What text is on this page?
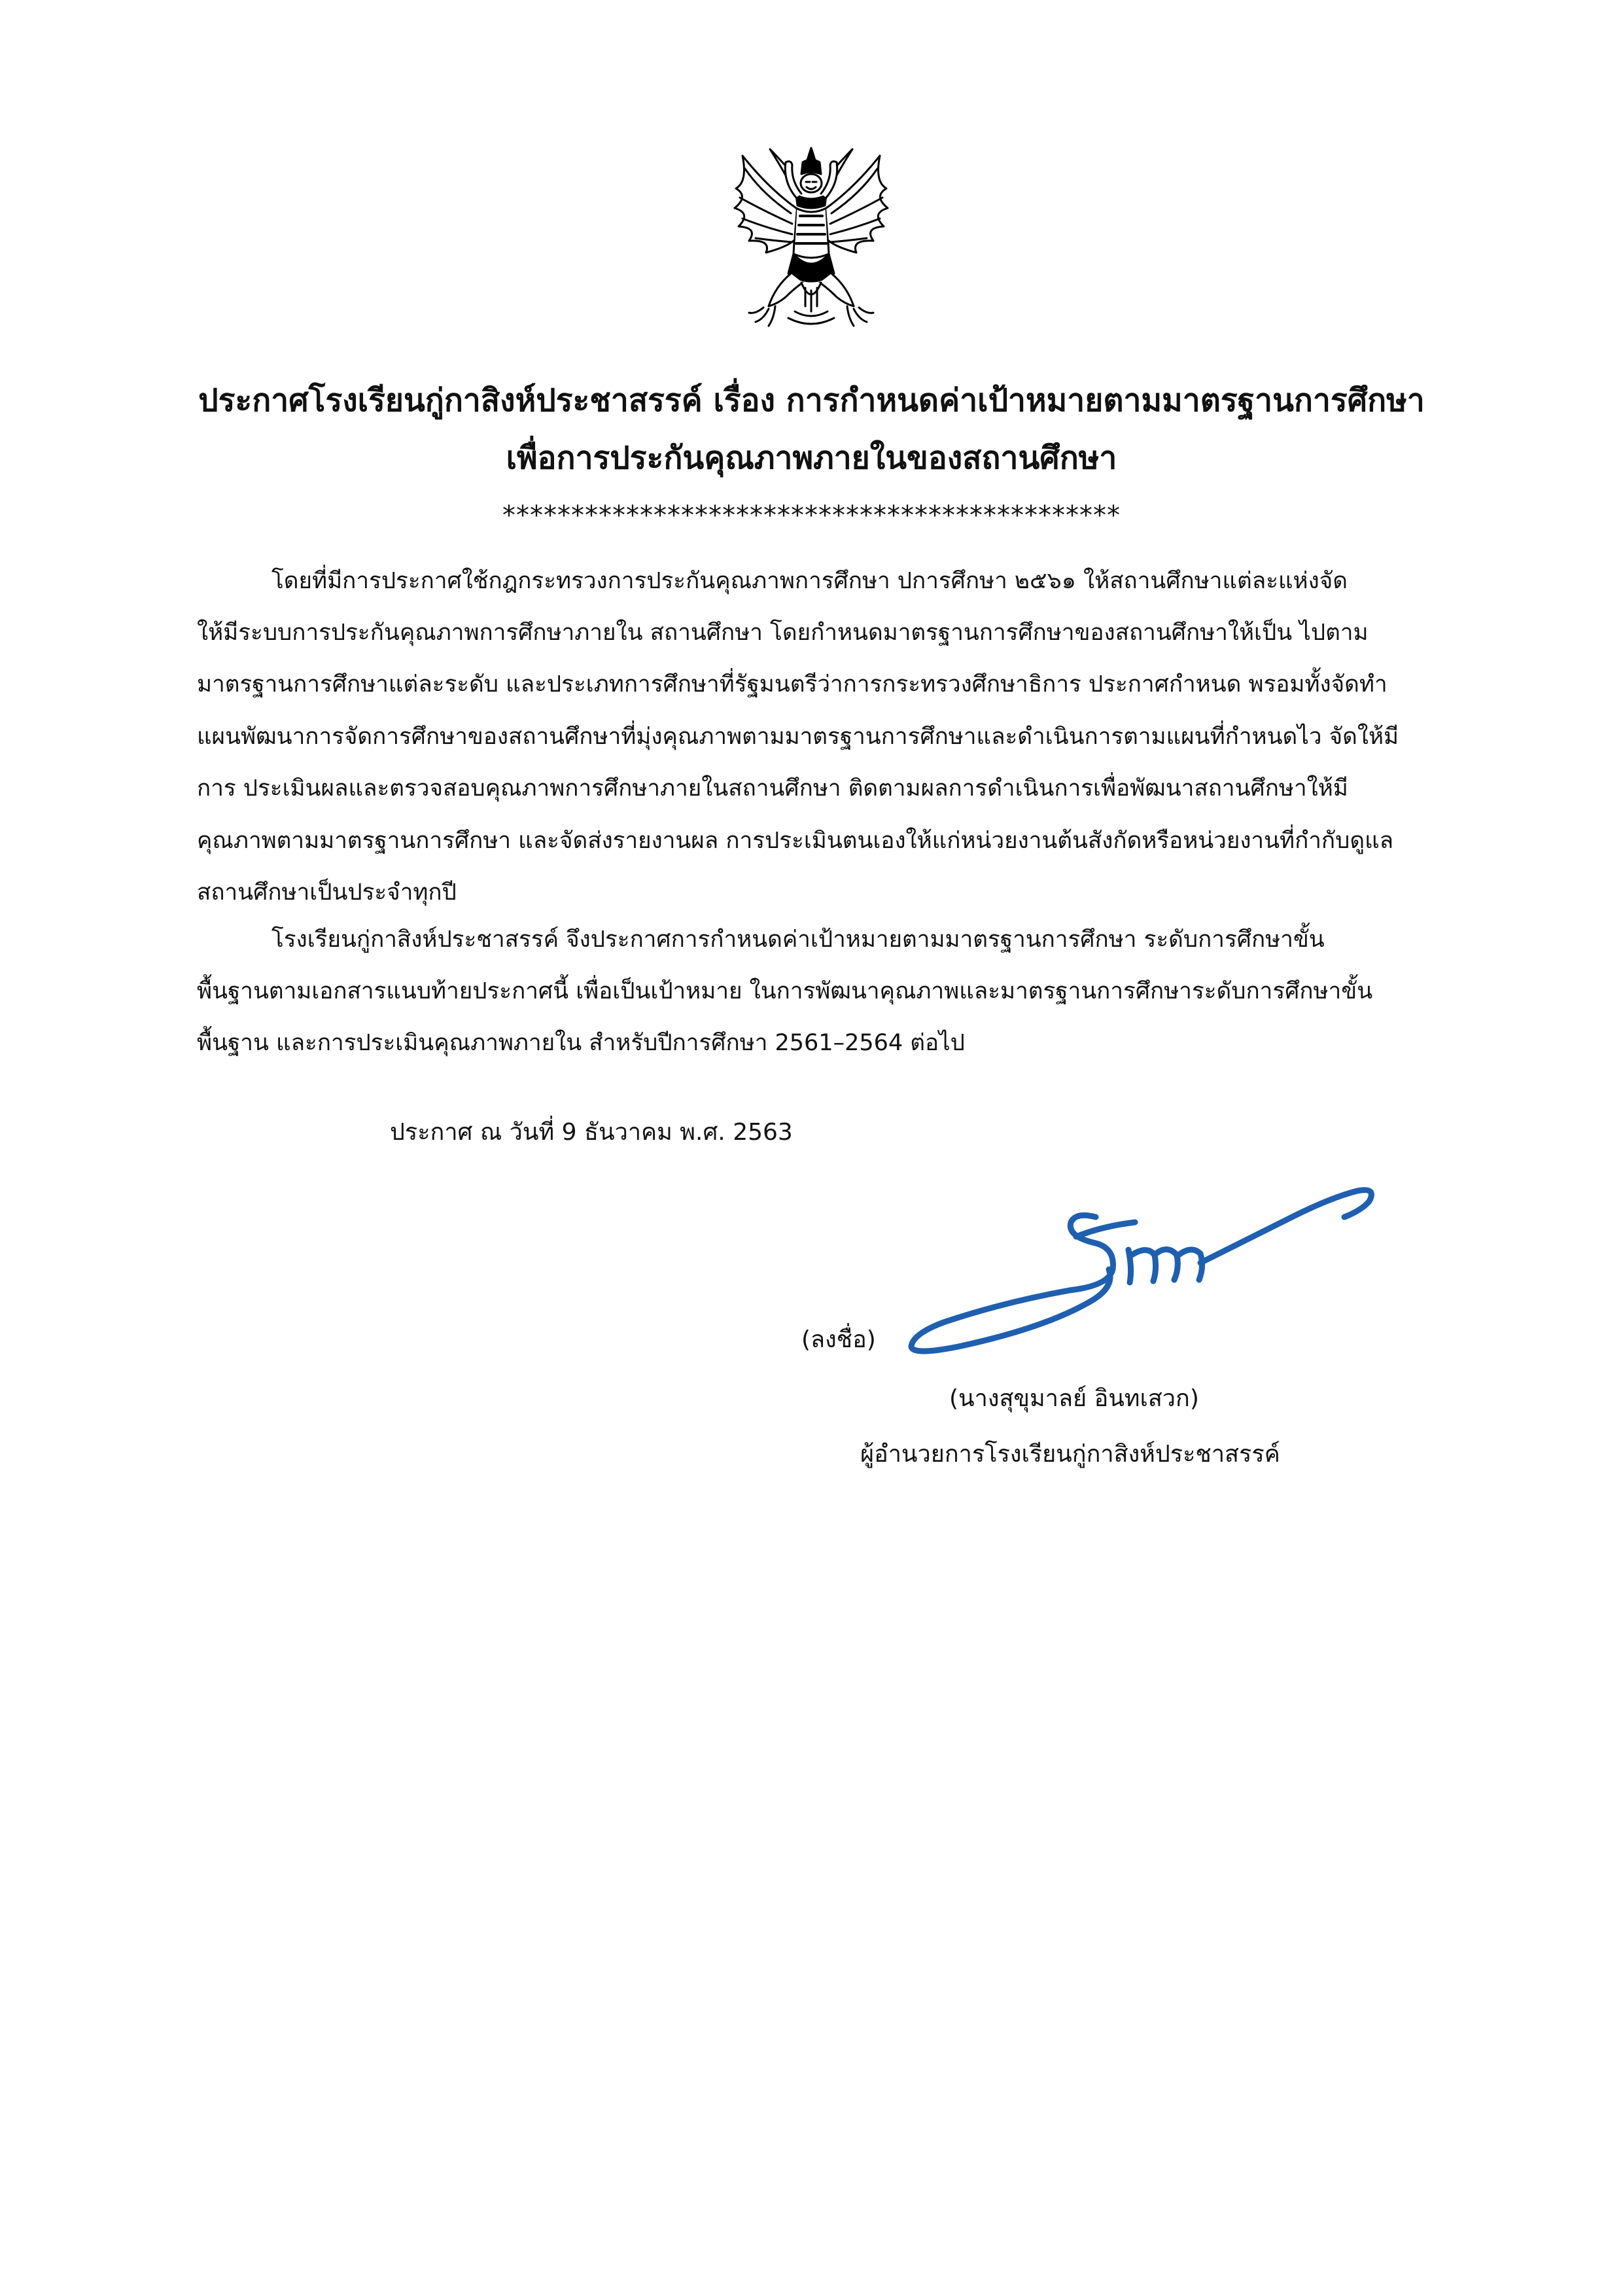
ประกาศโรงเรียนกู่กาสิงห์ประชาสรรค์ เรื่อง การกำหนดค่าเป้าหมายตามมาตรฐานการศึกษา
เพื่อการประกันคุณภาพภายในของสถานศึกษา
*********************************************
โดยที่มีการประกาศใช้กฎกระทรวงการประกันคุณภาพการศึกษา ปการศึกษา ๒๕๖๑ ให้สถานศึกษาแต่ละแห่งจัด
ให้มีระบบการประกันคุณภาพการศึกษาภายใน สถานศึกษา โดยกำหนดมาตรฐานการศึกษาของสถานศึกษาให้เป็น ไปตาม
มาตรฐานการศึกษาแต่ละระดับ และประเภทการศึกษาที่รัฐมนตรีว่าการกระทรวงศึกษาธิการ ประกาศกำหนด พรอมทั้งจัดทำ
แผนพัฒนาการจัดการศึกษาของสถานศึกษาที่มุ่งคุณภาพตามมาตรฐานการศึกษาและดำเนินการตามแผนที่กำหนดไว จัดให้มี
การ ประเมินผลและตรวจสอบคุณภาพการศึกษาภายในสถานศึกษา ติดตามผลการดำเนินการเพื่อพัฒนาสถานศึกษาให้มี
คุณภาพตามมาตรฐานการศึกษา และจัดส่งรายงานผล การประเมินตนเองให้แก่หน่วยงานต้นสังกัดหรือหน่วยงานที่กำกับดูแล
สถานศึกษาเป็นประจำทุกปี
โรงเรียนกู่กาสิงห์ประชาสรรค์ จึงประกาศการกำหนดค่าเป้าหมายตามมาตรฐานการศึกษา ระดับการศึกษาขั้น
พื้นฐานตามเอกสารแนบท้ายประกาศนี้ เพื่อเป็นเป้าหมาย ในการพัฒนาคุณภาพและมาตรฐานการศึกษาระดับการศึกษาขั้น
พื้นฐาน และการประเมินคุณภาพภายใน สำหรับปีการศึกษา 2561–2564 ต่อไป
ประกาศ ณ วันที่ 9 ธันวาคม พ.ศ. 2563
(ลงชื่อ)
(นางสุขุมาลย์ อินทเสวก)
ผู้อำนวยการโรงเรียนกู่กาสิงห์ประชาสรรค์
